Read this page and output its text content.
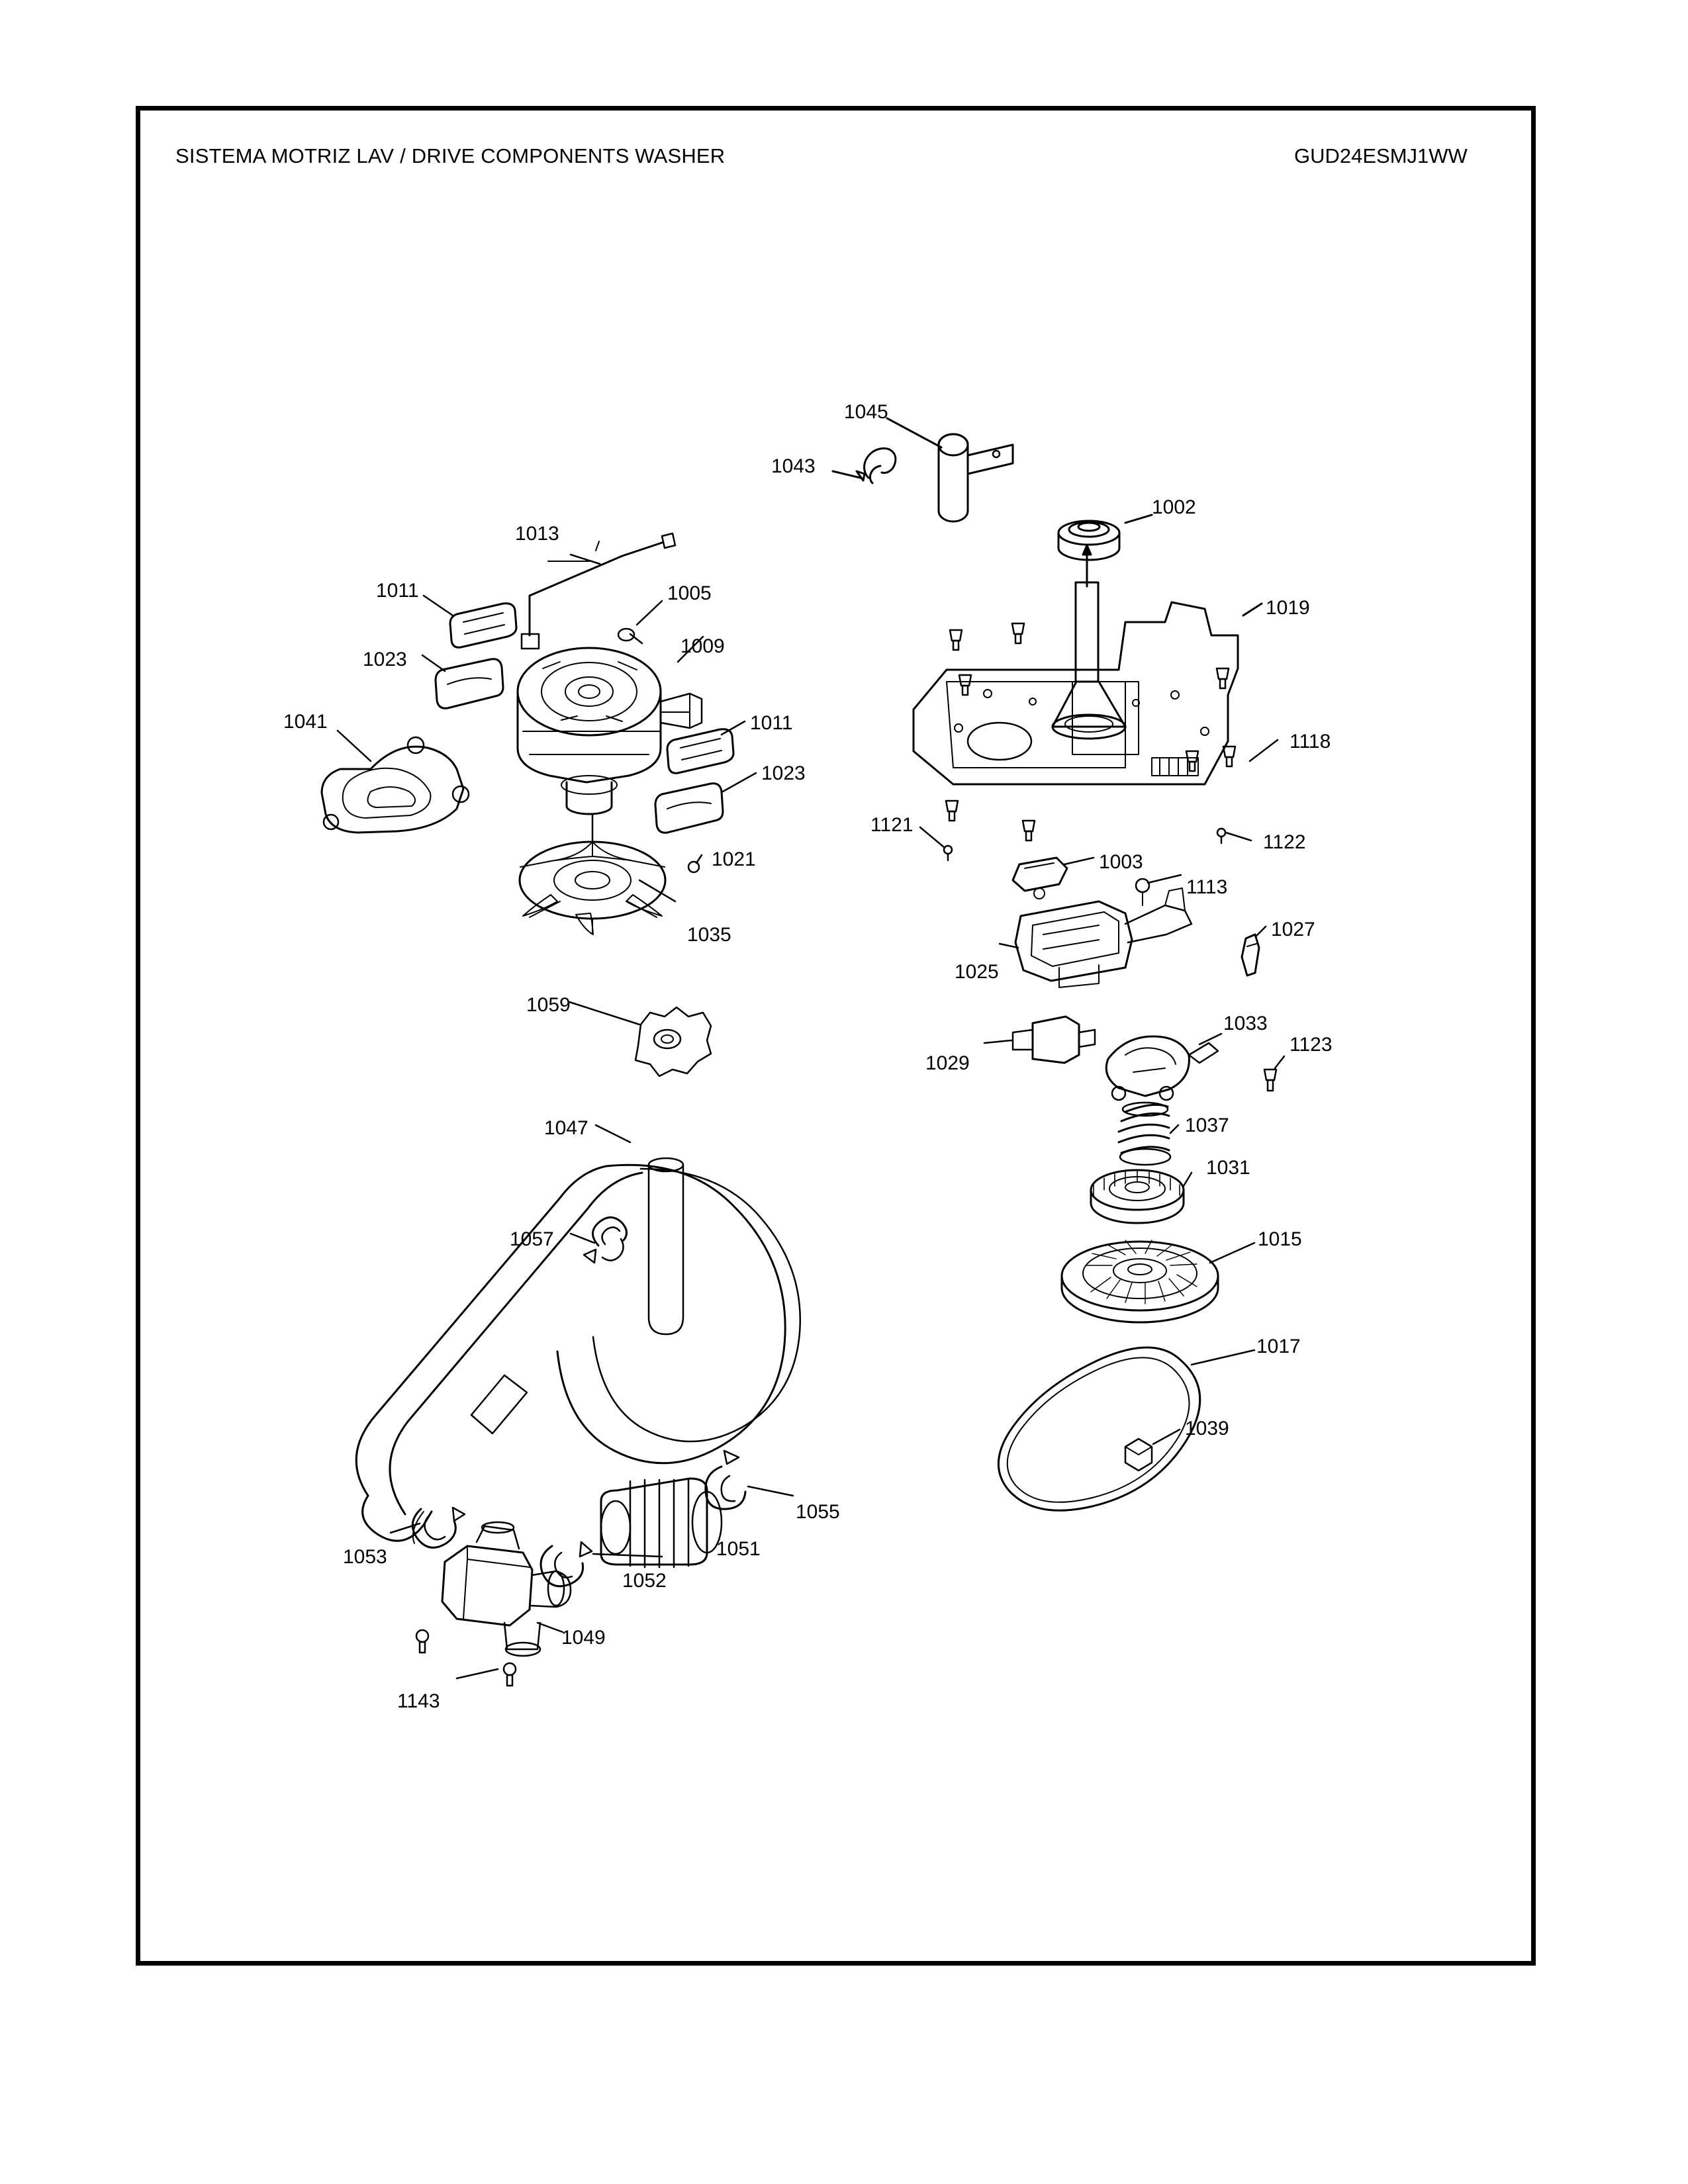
SISTEMA MOTRIZ LAV / DRIVE COMPONENTS WASHER	GUD24ESMJ1WW
1045
1043
1002
1013
1011	1005
1009
1023
1019
1011
1041
1023
1118
1121
1122
1021	1003
1035
1113
1027
1025
1033
1123
1059
1029
1037
1047
1031
1015
1057
1017
1039
1055
1051
1053
1052
1049
1143
